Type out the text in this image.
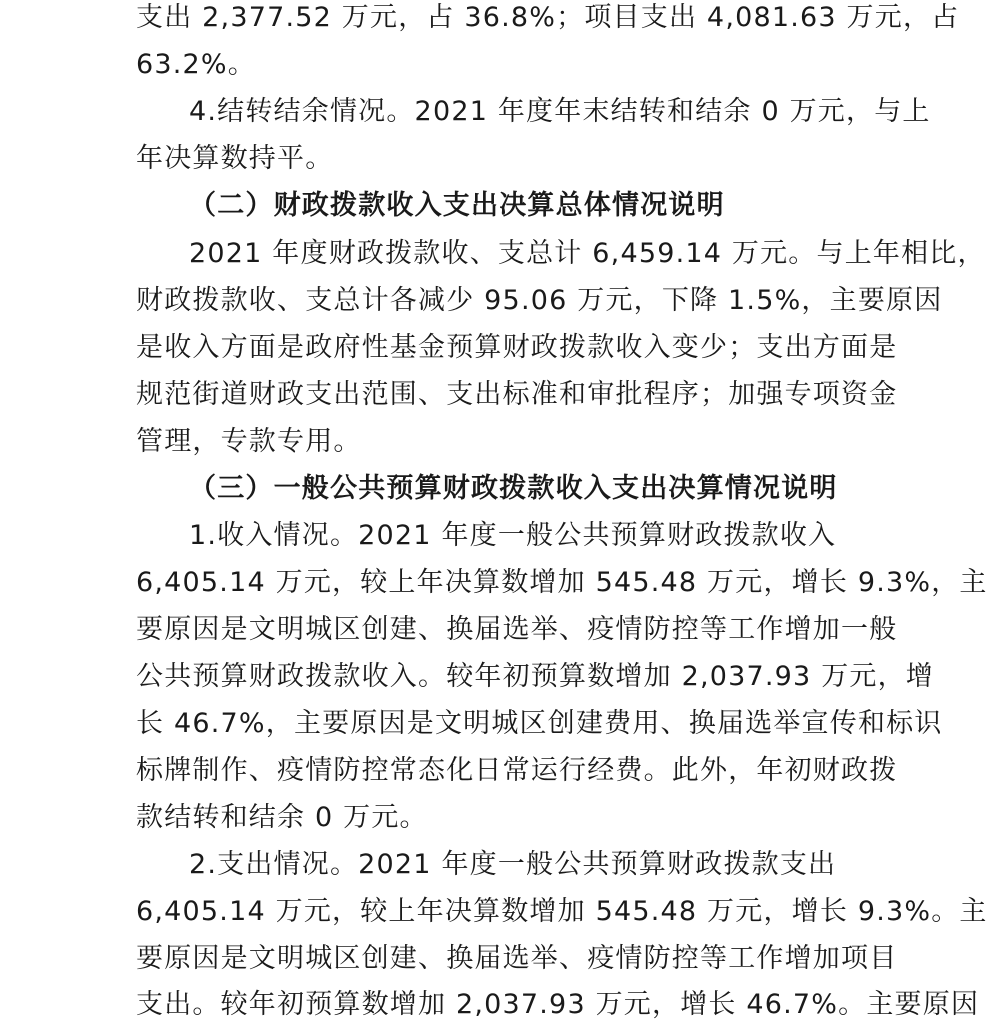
支出 2,377.52 万元，占 36.8%；项目支出 4,081.63 万元，占
63.2%。
4.结转结余情况。2021 年度年末结转和结余 0 万元，与上
年决算数持平。
（二）财政拨款收入支出决算总体情况说明
2021 年度财政拨款收、支总计 6,459.14 万元。与上年相比，
财政拨款收、支总计各减少 95.06 万元，下降 1.5%，主要原因
是收入方面是政府性基金预算财政拨款收入变少；支出方面是
规范街道财政支出范围、支出标准和审批程序；加强专项资金
管理，专款专用。
（三）一般公共预算财政拨款收入支出决算情况说明
1.收入情况。2021 年度一般公共预算财政拨款收入
6,405.14 万元，较上年决算数增加 545.48 万元，增长 9.3%，主
要原因是文明城区创建、换届选举、疫情防控等工作增加一般
公共预算财政拨款收入。较年初预算数增加 2,037.93 万元，增
长 46.7%，主要原因是文明城区创建费用、换届选举宣传和标识
标牌制作、疫情防控常态化日常运行经费。此外，年初财政拨
款结转和结余 0 万元。
2.支出情况。2021 年度一般公共预算财政拨款支出
6,405.14 万元，较上年决算数增加 545.48 万元，增长 9.3%。主
要原因是文明城区创建、换届选举、疫情防控等工作增加项目
支出。较年初预算数增加 2,037.93 万元，增长 46.7%。主要原因
